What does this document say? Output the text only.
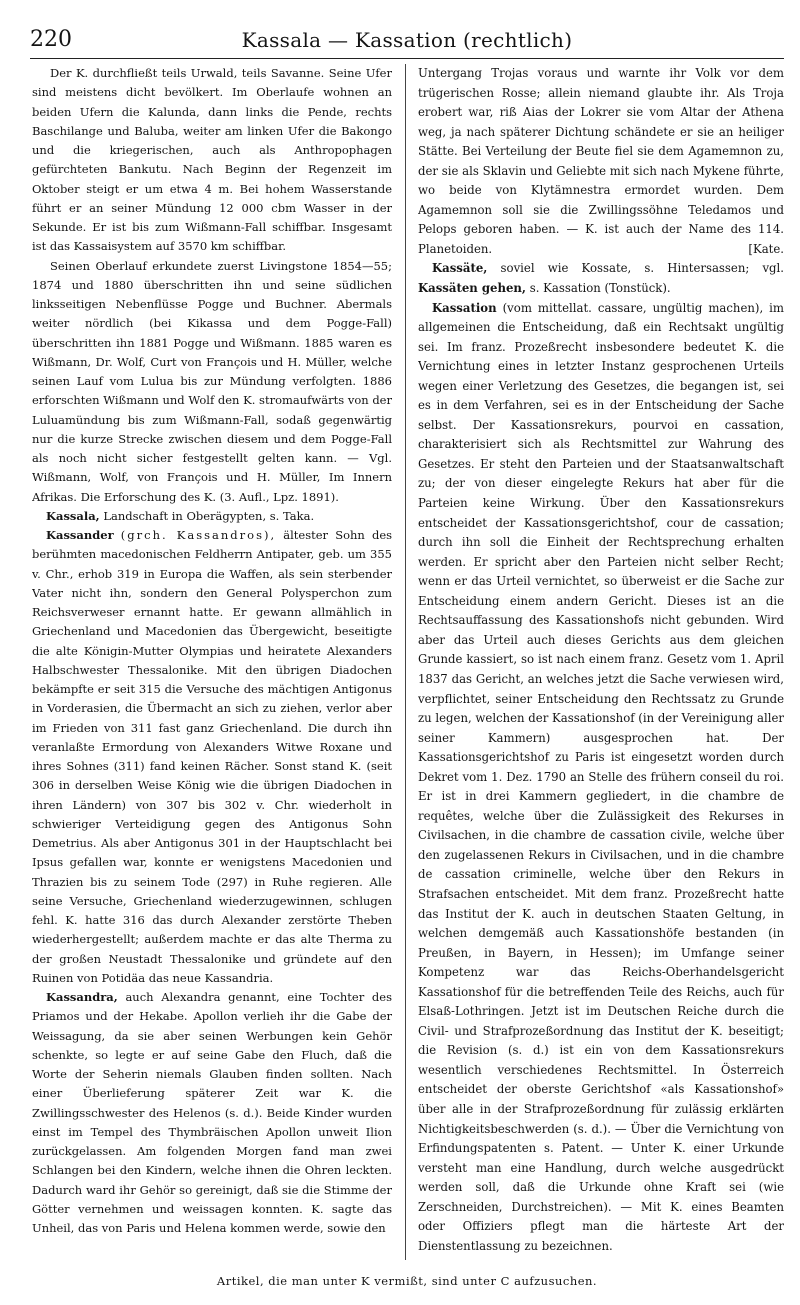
220	Kassala — Kassation (rechtlich)

Der K. durchfließt teils Urwald, teils Savanne. Seine Ufer sind meistens dicht bevölkert. Im Oberlaufe wohnen an beiden Ufern die Kalunda, dann links die Pende, rechts Baschilange und Baluba, weiter am linken Ufer die Bakongo und die kriegerischen, auch als Anthropophagen gefürchteten Bankutu. Nach Beginn der Regenzeit im Oktober steigt er um etwa 4 m. Bei hohem Wasserstande führt er an seiner Mündung 12 000 cbm Wasser in der Sekunde. Er ist bis zum Wißmann-Fall schiffbar. Insgesamt ist das Kassaisystem auf 3570 km schiffbar.

Seinen Oberlauf erkundete zuerst Livingstone 1854—55; 1874 und 1880 überschritten ihn und seine südlichen linksseitigen Nebenflüsse Pogge und Buchner. Abermals weiter nördlich (bei Kikassa und dem Pogge-Fall) überschritten ihn 1881 Pogge und Wißmann. 1885 waren es Wißmann, Dr. Wolf, Curt von François und H. Müller, welche seinen Lauf vom Lulua bis zur Mündung verfolgten. 1886 erforschten Wißmann und Wolf den K. stromaufwärts von der Luluamündung bis zum Wißmann-Fall, sodaß gegenwärtig nur die kurze Strecke zwischen diesem und dem Pogge-Fall als noch nicht sicher festgestellt gelten kann. — Vgl. Wißmann, Wolf, von François und H. Müller, Im Innern Afrikas. Die Erforschung des K. (3. Aufl., Lpz. 1891).

Kassala, Landschaft in Oberägypten, s. Taka.

Kassander (grch. Kassandros), ältester Sohn des berühmten macedonischen Feldherrn Antipater, geb. um 355 v. Chr., erhob 319 in Europa die Waffen, als sein sterbender Vater nicht ihn, sondern den General Polysperchon zum Reichsverweser ernannt hatte. Er gewann allmählich in Griechenland und Macedonien das Übergewicht, beseitigte die alte Königin-Mutter Olympias und heiratete Alexanders Halbschwester Thessalonike. Mit den übrigen Diadochen bekämpfte er seit 315 die Versuche des mächtigen Antigonus in Vorderasien, die Übermacht an sich zu ziehen, verlor aber im Frieden von 311 fast ganz Griechenland. Die durch ihn veranlaßte Ermordung von Alexanders Witwe Roxane und ihres Sohnes (311) fand keinen Rächer. Sonst stand K. (seit 306 in derselben Weise König wie die übrigen Diadochen in ihren Ländern) von 307 bis 302 v. Chr. wiederholt in schwieriger Verteidigung gegen des Antigonus Sohn Demetrius. Als aber Antigonus 301 in der Hauptschlacht bei Ipsus gefallen war, konnte er wenigstens Macedonien und Thrazien bis zu seinem Tode (297) in Ruhe regieren. Alle seine Versuche, Griechenland wiederzugewinnen, schlugen fehl. K. hatte 316 das durch Alexander zerstörte Theben wiederhergestellt; außerdem machte er das alte Therma zu der großen Neustadt Thessalonike und gründete auf den Ruinen von Potidäa das neue Kassandria.

Kassandra, auch Alexandra genannt, eine Tochter des Priamos und der Hekabe. Apollon verlieh ihr die Gabe der Weissagung, da sie aber seinen Werbungen kein Gehör schenkte, so legte er auf seine Gabe den Fluch, daß die Worte der Seherin niemals Glauben finden sollten. Nach einer Überlieferung späterer Zeit war K. die Zwillingsschwester des Helenos (s. d.). Beide Kinder wurden einst im Tempel des Thymbräischen Apollon unweit Ilion zurückgelassen. Am folgenden Morgen fand man zwei Schlangen bei den Kindern, welche ihnen die Ohren leckten. Dadurch ward ihr Gehör so gereinigt, daß sie die Stimme der Götter vernehmen und weissagen konnten. K. sagte das Unheil, das von Paris und Helena kommen werde, sowie den

Untergang Trojas voraus und warnte ihr Volk vor dem trügerischen Rosse; allein niemand glaubte ihr. Als Troja erobert war, riß Aias der Lokrer sie vom Altar der Athena weg, ja nach späterer Dichtung schändete er sie an heiliger Stätte. Bei Verteilung der Beute fiel sie dem Agamemnon zu, der sie als Sklavin und Geliebte mit sich nach Mykene führte, wo beide von Klytämnestra ermordet wurden. Dem Agamemnon soll sie die Zwillingssöhne Teledamos und Pelops geboren haben. — K. ist auch der Name des 114. Planetoiden.	[Kate.

Kassäte, soviel wie Kossate, s. Hintersassen; vgl. Kassäten gehen, s. Kassation (Tonstück).

Kassation (vom mittellat. cassare, ungültig machen), im allgemeinen die Entscheidung, daß ein Rechtsakt ungültig sei. Im franz. Prozeßrecht insbesondere bedeutet K. die Vernichtung eines in letzter Instanz gesprochenen Urteils wegen einer Verletzung des Gesetzes, die begangen ist, sei es in dem Verfahren, sei es in der Entscheidung der Sache selbst. Der Kassationsrekurs, pourvoi en cassation, charakterisiert sich als Rechtsmittel zur Wahrung des Gesetzes. Er steht den Parteien und der Staatsanwaltschaft zu; der von dieser eingelegte Rekurs hat aber für die Parteien keine Wirkung. Über den Kassationsrekurs entscheidet der Kassationsgerichtshof, cour de cassation; durch ihn soll die Einheit der Rechtsprechung erhalten werden. Er spricht aber den Parteien nicht selber Recht; wenn er das Urteil vernichtet, so überweist er die Sache zur Entscheidung einem andern Gericht. Dieses ist an die Rechtsauffassung des Kassationshofs nicht gebunden. Wird aber das Urteil auch dieses Gerichts aus dem gleichen Grunde kassiert, so ist nach einem franz. Gesetz vom 1. April 1837 das Gericht, an welches jetzt die Sache verwiesen wird, verpflichtet, seiner Entscheidung den Rechtssatz zu Grunde zu legen, welchen der Kassationshof (in der Vereinigung aller seiner Kammern) ausgesprochen hat. Der Kassationsgerichtshof zu Paris ist eingesetzt worden durch Dekret vom 1. Dez. 1790 an Stelle des frühern conseil du roi. Er ist in drei Kammern gegliedert, in die chambre de requêtes, welche über die Zulässigkeit des Rekurses in Civilsachen, in die chambre de cassation civile, welche über den zugelassenen Rekurs in Civilsachen, und in die chambre de cassation criminelle, welche über den Rekurs in Strafsachen entscheidet. Mit dem franz. Prozeßrecht hatte das Institut der K. auch in deutschen Staaten Geltung, in welchen demgemäß auch Kassationshöfe bestanden (in Preußen, in Bayern, in Hessen); im Umfange seiner Kompetenz war das Reichs-Oberhandelsgericht Kassationshof für die betreffenden Teile des Reichs, auch für Elsaß-Lothringen. Jetzt ist im Deutschen Reiche durch die Civil- und Strafprozeßordnung das Institut der K. beseitigt; die Revision (s. d.) ist ein von dem Kassationsrekurs wesentlich verschiedenes Rechtsmittel. In Österreich entscheidet der oberste Gerichtshof «als Kassationshof» über alle in der Strafprozeßordnung für zulässig erklärten Nichtigkeitsbeschwerden (s. d.). — Über die Vernichtung von Erfindungspatenten s. Patent. — Unter K. einer Urkunde versteht man eine Handlung, durch welche ausgedrückt werden soll, daß die Urkunde ohne Kraft sei (wie Zerschneiden, Durchstreichen). — Mit K. eines Beamten oder Offiziers pflegt man die härteste Art der Dienstentlassung zu bezeichnen.

Artikel, die man unter K vermißt, sind unter C aufzusuchen.
